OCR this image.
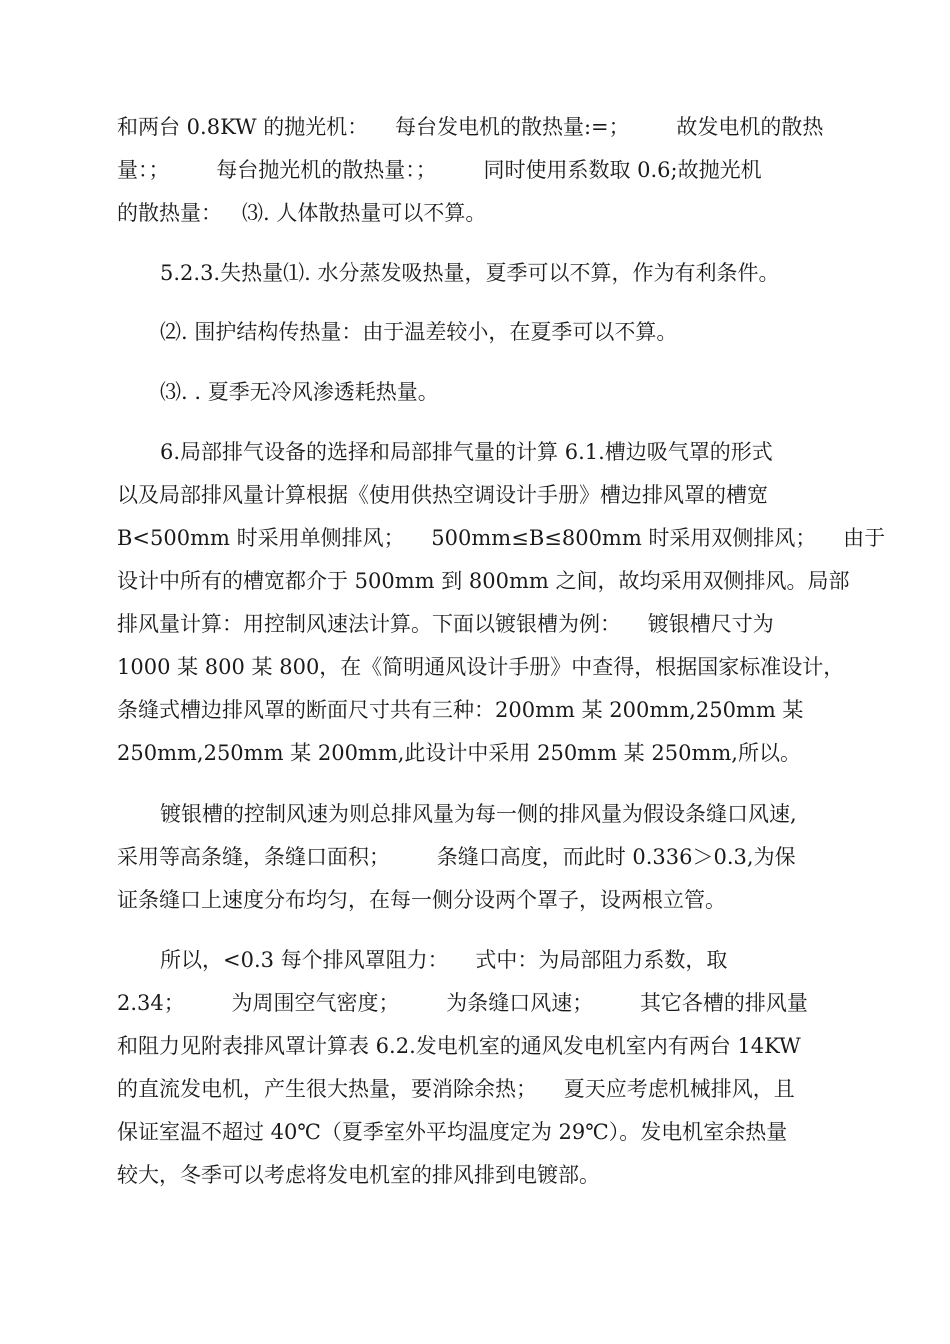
和两台 0.8KW 的抛光机：    每台发电机的散热量:=；       故发电机的散热

量：；       每台抛光机的散热量：；       同时使用系数取 0.6;故抛光机

的散热量：   ⑶. 人体散热量可以不算。

5.2.3.失热量⑴. 水分蒸发吸热量，夏季可以不算，作为有利条件。

⑵. 围护结构传热量：由于温差较小，在夏季可以不算。

⑶. . 夏季无冷风渗透耗热量。

6.局部排气设备的选择和局部排气量的计算 6.1.槽边吸气罩的形式

以及局部排风量计算根据《使用供热空调设计手册》槽边排风罩的槽宽

B<500mm 时采用单侧排风；    500mm≤B≤800mm 时采用双侧排风；    由于

设计中所有的槽宽都介于 500mm 到 800mm 之间，故均采用双侧排风。局部

排风量计算：用控制风速法计算。下面以镀银槽为例：    镀银槽尺寸为

1000 某 800 某 800，在《简明通风设计手册》中查得，根据国家标准设计，

条缝式槽边排风罩的断面尺寸共有三种：200mm 某 200mm,250mm 某

250mm,250mm 某 200mm,此设计中采用 250mm 某 250mm,所以。

镀银槽的控制风速为则总排风量为每一侧的排风量为假设条缝口风速,

采用等高条缝，条缝口面积；       条缝口高度，而此时 0.336＞0.3,为保

证条缝口上速度分布均匀，在每一侧分设两个罩子，设两根立管。

所以，<0.3 每个排风罩阻力：    式中：为局部阻力系数，取

2.34；       为周围空气密度；       为条缝口风速；       其它各槽的排风量

和阻力见附表排风罩计算表 6.2.发电机室的通风发电机室内有两台 14KW

的直流发电机，产生很大热量，要消除余热；    夏天应考虑机械排风，且

保证室温不超过 40℃（夏季室外平均温度定为 29℃）。发电机室余热量

较大，冬季可以考虑将发电机室的排风排到电镀部。
